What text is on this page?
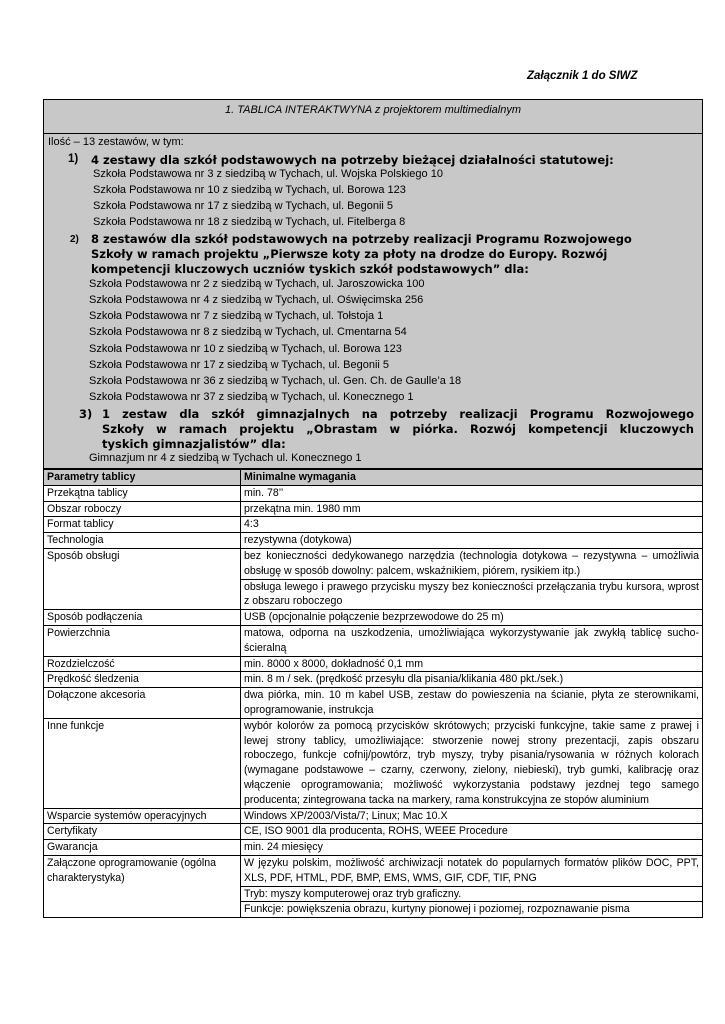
Załącznik 1 do SIWZ
1. TABLICA INTERAKTWYNA z projektorem multimedialnym
Ilość – 13 zestawów, w tym:
1) 4 zestawy dla szkół podstawowych na potrzeby bieżącej działalności statutowej:
Szkoła Podstawowa nr 3 z siedzibą w Tychach, ul. Wojska Polskiego 10
Szkoła Podstawowa nr 10 z siedzibą w Tychach, ul. Borowa 123
Szkoła Podstawowa nr 17 z siedzibą w Tychach, ul. Begonii 5
Szkoła Podstawowa nr 18 z siedzibą w Tychach, ul. Fitelberga 8
2) 8 zestawów dla szkół podstawowych na potrzeby realizacji Programu Rozwojowego
Szkoły w ramach projektu „Pierwsze koty za płoty na drodze do Europy. Rozwój
kompetencji kluczowych uczniów tyskich szkół podstawowych” dla:
Szkoła Podstawowa nr 2 z siedzibą w Tychach, ul. Jaroszowicka 100
Szkoła Podstawowa nr 4 z siedzibą w Tychach, ul. Oświęcimska 256
Szkoła Podstawowa nr 7 z siedzibą w Tychach, ul. Tołstoja 1
Szkoła Podstawowa nr 8 z siedzibą w Tychach, ul. Cmentarna 54
Szkoła Podstawowa nr 10 z siedzibą w Tychach, ul. Borowa 123
Szkoła Podstawowa nr 17 z siedzibą w Tychach, ul. Begonii 5
Szkoła Podstawowa nr 36 z siedzibą w Tychach, ul. Gen. Ch. de Gaulle’a 18
Szkoła Podstawowa nr 37 z siedzibą w Tychach, ul. Konecznego 1
3) 1 zestaw dla szkół gimnazjalnych na potrzeby realizacji Programu Rozwojowego
Szkoły w ramach projektu „Obrastam w piórka. Rozwój kompetencji kluczowych
tyskich gimnazjalistów” dla:
Gimnazjum nr 4 z siedzibą w Tychach ul. Konecznego 1
Parametry tablicy	Minimalne wymagania
Przekątna tablicy	min. 78’’
Obszar roboczy	przekątna min. 1980 mm
Format tablicy	4:3
Technologia	rezystywna (dotykowa)
Sposób obsługi	bez konieczności dedykowanego narzędzia (technologia dotykowa – rezystywna – umożliwia obsługę w sposób dowolny: palcem, wskaźnikiem, piórem, rysikiem itp.)
	obsługa lewego i prawego przycisku myszy bez konieczności przełączania trybu kursora, wprost z obszaru roboczego
Sposób podłączenia	USB (opcjonalnie połączenie bezprzewodowe do 25 m)
Powierzchnia	matowa, odporna na uszkodzenia, umożliwiająca wykorzystywanie jak zwykłą tablicę sucho-ścieralną
Rozdzielczość	min. 8000 x 8000, dokładność 0,1 mm
Prędkość śledzenia	min. 8 m / sek. (prędkość przesyłu dla pisania/klikania 480 pkt./sek.)
Dołączone akcesoria	dwa piórka, min. 10 m kabel USB, zestaw do powieszenia na ścianie, płyta ze sterownikami, oprogramowanie, instrukcja
Inne funkcje	wybór kolorów za pomocą przycisków skrótowych; przyciski funkcyjne, takie same z prawej i lewej strony tablicy, umożliwiające: stworzenie nowej strony prezentacji, zapis obszaru roboczego, funkcje cofnij/powtórz, tryb myszy, tryby pisania/rysowania w różnych kolorach (wymagane podstawowe – czarny, czerwony, zielony, niebieski), tryb gumki, kalibrację oraz włączenie oprogramowania; możliwość wykorzystania podstawy jezdnej tego samego producenta; zintegrowana tacka na markery, rama konstrukcyjna ze stopów aluminium
Wsparcie systemów operacyjnych	Windows XP/2003/Vista/7; Linux; Mac 10.X
Certyfikaty	CE, ISO 9001 dla producenta, ROHS, WEEE Procedure
Gwarancja	min. 24 miesięcy
Załączone oprogramowanie (ogólna charakterystyka)	W języku polskim, możliwość archiwizacji notatek do popularnych formatów plików DOC, PPT, XLS, PDF, HTML, PDF, BMP, EMS, WMS, GIF, CDF, TIF, PNG
	Tryb: myszy komputerowej oraz tryb graficzny.
	Funkcje: powiększenia obrazu, kurtyny pionowej i poziomej, rozpoznawanie pisma
